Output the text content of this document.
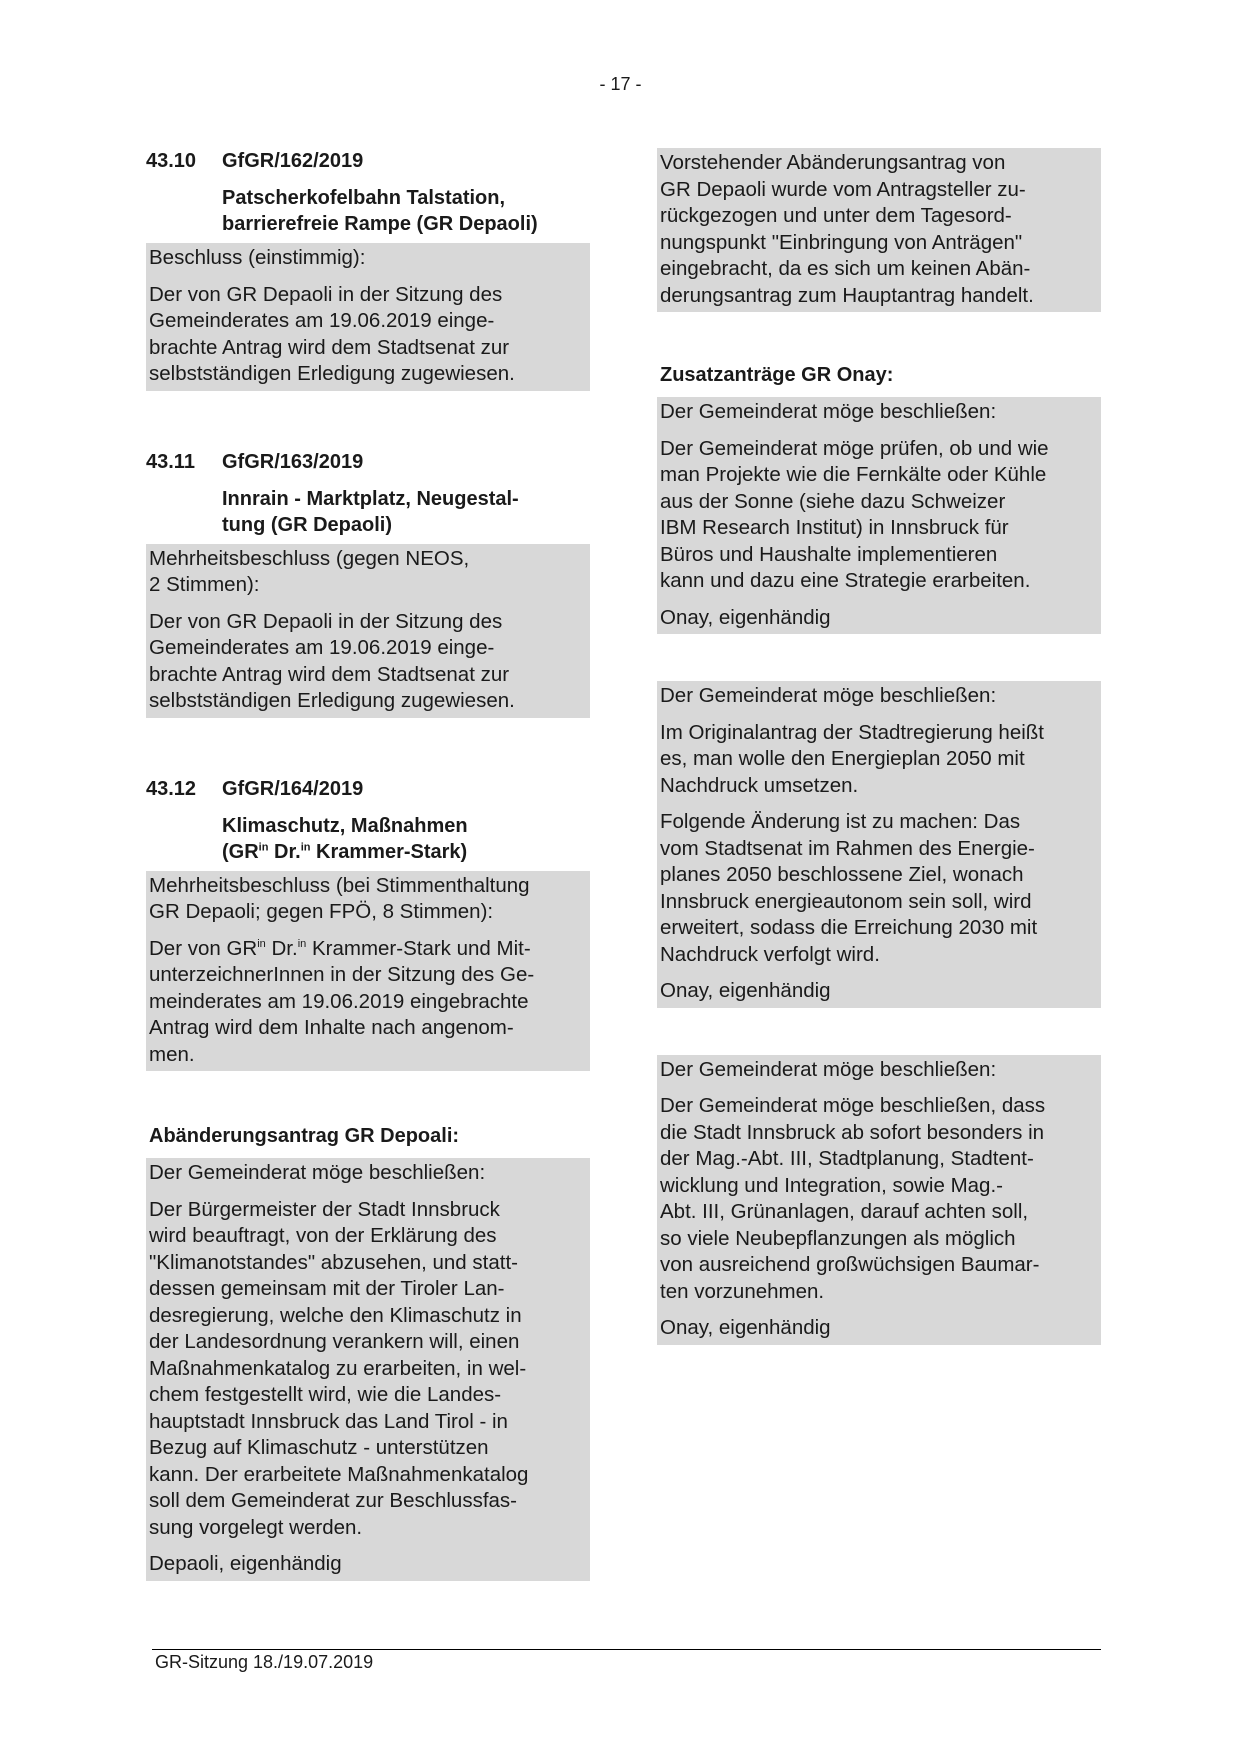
- 17 -
43.10	GfGR/162/2019
Patscherkofelbahn Talstation,
barrierefreie Rampe (GR Depaoli)

Beschluss (einstimmig):

Der von GR Depaoli in der Sitzung des
Gemeinderates am 19.06.2019 einge-
brachte Antrag wird dem Stadtsenat zur
selbstständigen Erledigung zugewiesen.

43.11	GfGR/163/2019
Innrain - Marktplatz, Neugestal-
tung (GR Depaoli)

Mehrheitsbeschluss (gegen NEOS,
2 Stimmen):

Der von GR Depaoli in der Sitzung des
Gemeinderates am 19.06.2019 einge-
brachte Antrag wird dem Stadtsenat zur
selbstständigen Erledigung zugewiesen.

43.12	GfGR/164/2019
Klimaschutz, Maßnahmen
($GR^{in}$ Dr.$^{in}$ Krammer-Stark)

Mehrheitsbeschluss (bei Stimmenthaltung
GR Depaoli; gegen FPÖ, 8 Stimmen):

Der von $GR^{in}$ Dr.$^{in}$ Krammer-Stark und Mit-
unterzeichnerInnen in der Sitzung des Ge-
meinderates am 19.06.2019 eingebrachte
Antrag wird dem Inhalte nach angenom-
men.

Abänderungsantrag GR Depoali:

Der Gemeinderat möge beschließen:

Der Bürgermeister der Stadt Innsbruck
wird beauftragt, von der Erklärung des
"Klimanotstandes" abzusehen, und statt-
dessen gemeinsam mit der Tiroler Lan-
desregierung, welche den Klimaschutz in
der Landesordnung verankern will, einen
Maßnahmenkatalog zu erarbeiten, in wel-
chem festgestellt wird, wie die Landes-
hauptstadt Innsbruck das Land Tirol - in
Bezug auf Klimaschutz - unterstützen
kann. Der erarbeitete Maßnahmenkatalog
soll dem Gemeinderat zur Beschlussfas-
sung vorgelegt werden.

Depaoli, eigenhändig

Vorstehender Abänderungsantrag von
GR Depaoli wurde vom Antragsteller zu-
rückgezogen und unter dem Tagesord-
nungspunkt "Einbringung von Anträgen"
eingebracht, da es sich um keinen Abän-
derungsantrag zum Hauptantrag handelt.

Zusatzanträge GR Onay:

Der Gemeinderat möge beschließen:

Der Gemeinderat möge prüfen, ob und wie
man Projekte wie die Fernkälte oder Kühle
aus der Sonne (siehe dazu Schweizer
IBM Research Institut) in Innsbruck für
Büros und Haushalte implementieren
kann und dazu eine Strategie erarbeiten.

Onay, eigenhändig

Der Gemeinderat möge beschließen:

Im Originalantrag der Stadtregierung heißt
es, man wolle den Energieplan 2050 mit
Nachdruck umsetzen.

Folgende Änderung ist zu machen: Das
vom Stadtsenat im Rahmen des Energie-
planes 2050 beschlossene Ziel, wonach
Innsbruck energieautonom sein soll, wird
erweitert, sodass die Erreichung 2030 mit
Nachdruck verfolgt wird.

Onay, eigenhändig

Der Gemeinderat möge beschließen:

Der Gemeinderat möge beschließen, dass
die Stadt Innsbruck ab sofort besonders in
der Mag.-Abt. III, Stadtplanung, Stadtent-
wicklung und Integration, sowie Mag.-
Abt. III, Grünanlagen, darauf achten soll,
so viele Neubepflanzungen als möglich
von ausreichend großwüchsigen Baumar-
ten vorzunehmen.

Onay, eigenhändig

GR-Sitzung 18./19.07.2019
